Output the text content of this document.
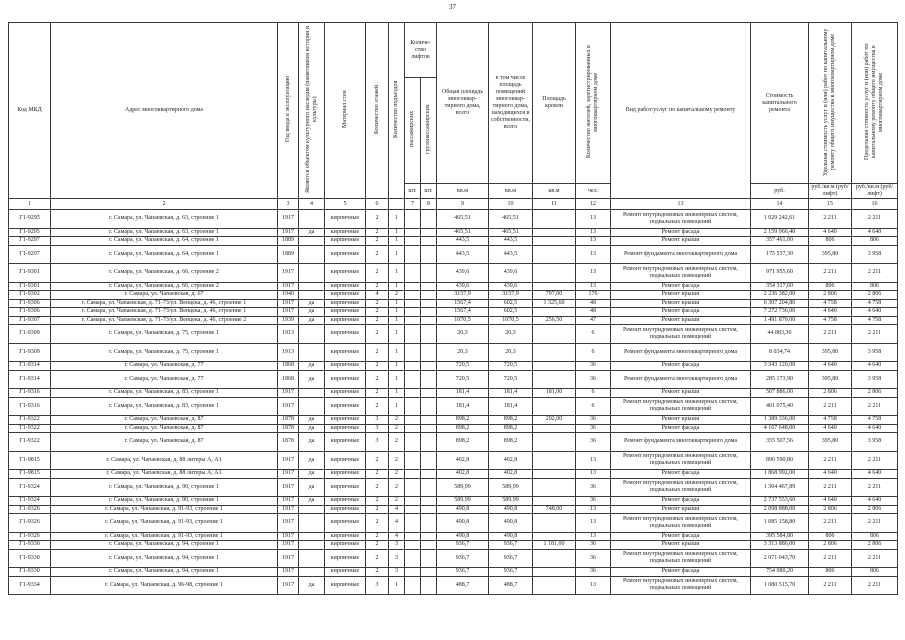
37
Код МКД	Адрес многоквартирного дома	Год ввода в эксплуатацию	Является объектом культурного наследия (памятником истории и культуры)	Материал стен	Количество этажей	Количество подъездов	Количе-ство лифтов		Общая площадь многоквар-тирного дома, всего	в том числе площадь помещений многоквар-тирного дома, находящихся в собственности, всего	Площадь кровли	Количество жителей, зарегистрированных в многоквартирном доме	Вид работ/услуг по капитальному ремонту	Стоимость капитального ремонта	Удельная стоимость услуг и (или) работ по капитальному ремонту общего имущества в многоквартирном доме	Предельная стоимость услуг и (или) работ по капитальному ремонту общего имущества в многоквартирном доме
							пассажирских	грузопассажирских								
							шт.	шт.	кв.м	кв.м	кв.м	чел.		руб.	руб./кв.м (руб/лифт)	руб./кв.м (руб/лифт)
1	2	3	4	5	6		7	8	9	10	11	12	13	14	15	16
Г1-9295	г. Самара, ул. Чапаевская, д. 63, строение 1	1917		кирпичные	2	1			465,51	465,51		13	Ремонт внутридомовых инженерных систем, подвальных помещений	1 029 242,61	2 211	2 211
Г1-9295	г. Самара, ул. Чапаевская, д. 63, строение 1	1917	да	кирпичные	2	1			465,51	465,51		13	Ремонт фасада	2 159 966,40	4 640	4 640
Г1-9297	г. Самара, ул. Чапаевская, д. 64, строение 1	1889		кирпичные	2	1			443,5	443,5		13	Ремонт крыши	357 461,00	806	806
Г1-9297	г. Самара, ул. Чапаевская, д. 64, строение 1	1889		кирпичные	2	1			443,5	443,5		13	Ремонт фундамента многоквартирного дома	175 537,30	395,80	3 958
Г1-9301	г. Самара, ул. Чапаевская, д. 66, строение 2	1917		кирпичные	2	1			439,6	439,6		13	Ремонт внутридомовых инженерных систем, подвальных помещений	971 955,60	2 211	2 211
Г1-9301	г. Самара, ул. Чапаевская, д. 66, строение 2	1917		кирпичные	2	1			439,6	439,6		13	Ремонт фасада	354 317,60	806	806
Г1-9302	г. Самара, ул. Чапаевская, д. 67	1940		кирпичные	4	2			3157,9	3157,9	797,00	176	Ремонт крыши	2 236 382,00	2 806	2 806
Г1-9306	г. Самара, ул. Чапаевская, д. 71-73/ул. Венцека, д. 46, строение 1	1917	да	кирпичные	2	1			1567,4	602,5	1 325,60	48	Ремонт крыши	6 307 204,80	4 758	4 758
Г1-9306	г. Самара, ул. Чапаевская, д. 71-73/ул. Венцека, д. 46, строение 1	1917	да	кирпичные	2	1			1567,4	602,5		48	Ремонт фасада	7 272 736,00	4 640	4 640
Г1-9307	г. Самара, ул. Чапаевская, д. 71-73/ул. Венцека, д. 46, строение 2	1939	да	кирпичные	2	1			1070,5	1070,5	256,50	47	Ремонт крыши	1 491 879,00	4 758	4 758
Г1-9309	г. Самара, ул. Чапаевская, д. 75, строение 1	1913		кирпичные	2	1			20,3	20,3		6	Ремонт внутридомовых инженерных систем, подвальных помещений	44 883,30	2 211	2 211
Г1-9309	г. Самара, ул. Чапаевская, д. 75, строение 1	1913		кирпичные	2	1			20,3	20,3		6	Ремонт фундамента многоквартирного дома	8 034,74	395,80	3 958
Г1-9314	г. Самара, ул. Чапаевская, д. 77	1868	да	кирпичные	2	1			720,5	720,5		36	Ремонт фасада	3 343 120,00	4 640	4 640
Г1-9314	г. Самара, ул. Чапаевская, д. 77	1868	да	кирпичные	2	1			720,5	720,5		36	Ремонт фундамента многоквартирного дома	285 173,90	395,80	3 958
Г1-9316	г. Самара, ул. Чапаевская, д. 83, строение 1	1917		кирпичные	2	1			181,4	181,4	181,00	6	Ремонт крыши	507 886,00	2 806	2 806
Г1-9316	г. Самара, ул. Чапаевская, д. 83, строение 1	1917		кирпичные	2	1			181,4	181,4		6	Ремонт внутридомовых инженерных систем, подвальных помещений	401 075,40	2 211	2 211
Г1-9322	г. Самара, ул. Чапаевская, д. 87	1878	да	кирпичные	3	2			898,2	898,2	292,00	36	Ремонт крыши	1 389 336,00	4 758	4 758
Г1-9322	г. Самара, ул. Чапаевская, д. 87	1878	да	кирпичные	3	2			898,2	898,2		36	Ремонт фасада	4 167 648,00	4 640	4 640
Г1-9322	г. Самара, ул. Чапаевская, д. 87	1878	да	кирпичные	3	2			898,2	898,2		36	Ремонт фундамента многоквартирного дома	355 507,56	395,80	3 958
Г1-9815	г. Самара, ул. Чапаевская, д. 88 литеры А, А1	1917	да	кирпичные	2	2			402,8	402,8		13	Ремонт внутридомовых инженерных систем, подвальных помещений	890 590,80	2 211	2 211
Г1-9815	г. Самара, ул. Чапаевская, д. 88 литеры А, А1	1917	да	кирпичные	2	2			402,8	402,8		13	Ремонт фасада	1 868 992,00	4 640	4 640
Г1-9324	г. Самара, ул. Чапаевская, д. 90, строение 1	1917	да	кирпичные	2	2			589,99	589,99		36	Ремонт внутридомовых инженерных систем, подвальных помещений	1 304 467,89	2 211	2 211
Г1-9324	г. Самара, ул. Чапаевская, д. 90, строение 1	1917	да	кирпичные	2	2			589,99	589,99		36	Ремонт фасада	2 737 553,60	4 640	4 640
Г1-9326	г. Самара, ул. Чапаевская, д. 91-93, строение 1	1917		кирпичные	2	4			490,8	490,8	748,00	13	Ремонт крыши	2 098 888,00	2 806	2 806
Г1-9326	г. Самара, ул. Чапаевская, д. 91-93, строение 1	1917		кирпичные	2	4			490,8	490,8		13	Ремонт внутридомовых инженерных систем, подвальных помещений	1 085 158,80	2 211	2 211
Г1-9326	г. Самара, ул. Чапаевская, д. 91-93, строение 1	1917		кирпичные	2	4			490,8	490,8		13	Ремонт фасада	395 584,80	806	806
Г1-9330	г. Самара, ул. Чапаевская, д. 94, строение 1	1917		кирпичные	2	3			936,7	936,7	1 181,00	36	Ремонт крыши	3 313 886,00	2 806	2 806
Г1-9330	г. Самара, ул. Чапаевская, д. 94, строение 1	1917		кирпичные	2	3			936,7	936,7		36	Ремонт внутридомовых инженерных систем, подвальных помещений	2 071 043,70	2 211	2 211
Г1-9330	г. Самара, ул. Чапаевская, д. 94, строение 1	1917		кирпичные	2	3			936,7	936,7		36	Ремонт фасада	754 980,20	806	806
Г1-9334	г. Самара, ул. Чапаевская, д. 96-98, строение 1	1917	да	кирпичные	3	1			488,7	488,7		13	Ремонт внутридомовых инженерных систем, подвальных помещений	1 080 515,70	2 211	2 211
